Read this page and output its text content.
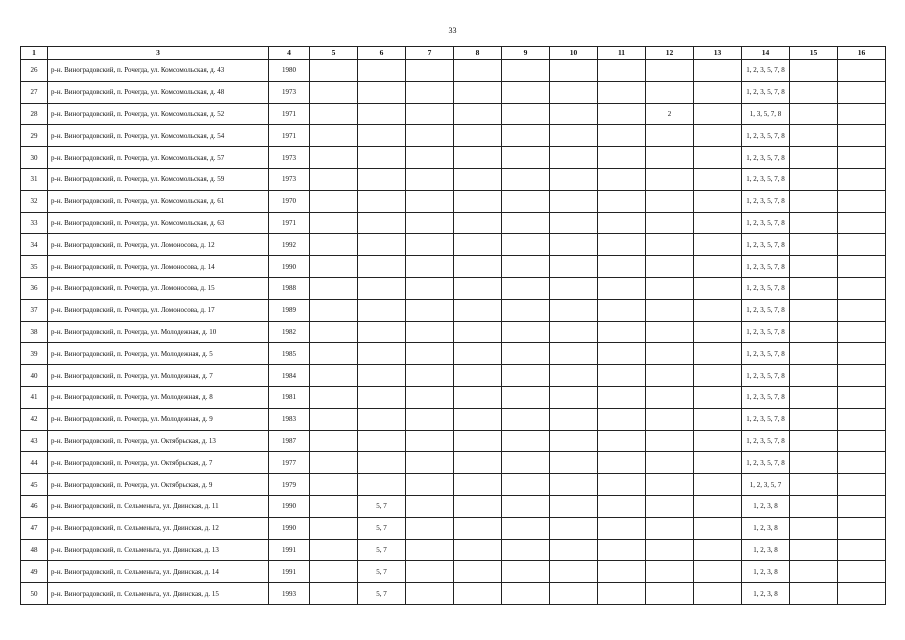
33
1	3	4	5	6	7	8	9	10	11	12	13	14	15	16
26	р-н. Виноградовский, п. Рочегда, ул. Комсомольская, д. 43	1980										1, 2, 3, 5, 7, 8		
27	р-н. Виноградовский, п. Рочегда, ул. Комсомольская, д. 48	1973										1, 2, 3, 5, 7, 8		
28	р-н. Виноградовский, п. Рочегда, ул. Комсомольская, д. 52	1971								2		1, 3, 5, 7, 8		
29	р-н. Виноградовский, п. Рочегда, ул. Комсомольская, д. 54	1971										1, 2, 3, 5, 7, 8		
30	р-н. Виноградовский, п. Рочегда, ул. Комсомольская, д. 57	1973										1, 2, 3, 5, 7, 8		
31	р-н. Виноградовский, п. Рочегда, ул. Комсомольская, д. 59	1973										1, 2, 3, 5, 7, 8		
32	р-н. Виноградовский, п. Рочегда, ул. Комсомольская, д. 61	1970										1, 2, 3, 5, 7, 8		
33	р-н. Виноградовский, п. Рочегда, ул. Комсомольская, д. 63	1971										1, 2, 3, 5, 7, 8		
34	р-н. Виноградовский, п. Рочегда, ул. Ломоносова, д. 12	1992										1, 2, 3, 5, 7, 8		
35	р-н. Виноградовский, п. Рочегда, ул. Ломоносова, д. 14	1990										1, 2, 3, 5, 7, 8		
36	р-н. Виноградовский, п. Рочегда, ул. Ломоносова, д. 15	1988										1, 2, 3, 5, 7, 8		
37	р-н. Виноградовский, п. Рочегда, ул. Ломоносова, д. 17	1989										1, 2, 3, 5, 7, 8		
38	р-н. Виноградовский, п. Рочегда, ул. Молодежная, д. 10	1982										1, 2, 3, 5, 7, 8		
39	р-н. Виноградовский, п. Рочегда, ул. Молодежная, д. 5	1985										1, 2, 3, 5, 7, 8		
40	р-н. Виноградовский, п. Рочегда, ул. Молодежная, д. 7	1984										1, 2, 3, 5, 7, 8		
41	р-н. Виноградовский, п. Рочегда, ул. Молодежная, д. 8	1981										1, 2, 3, 5, 7, 8		
42	р-н. Виноградовский, п. Рочегда, ул. Молодежная, д. 9	1983										1, 2, 3, 5, 7, 8		
43	р-н. Виноградовский, п. Рочегда, ул. Октябрьская, д. 13	1987										1, 2, 3, 5, 7, 8		
44	р-н. Виноградовский, п. Рочегда, ул. Октябрьская, д. 7	1977										1, 2, 3, 5, 7, 8		
45	р-н. Виноградовский, п. Рочегда, ул. Октябрьская, д. 9	1979										1, 2, 3, 5, 7		
46	р-н. Виноградовский, п. Сельменьга, ул. Двинская, д. 11	1990		5, 7								1, 2, 3, 8		
47	р-н. Виноградовский, п. Сельменьга, ул. Двинская, д. 12	1990		5, 7								1, 2, 3, 8		
48	р-н. Виноградовский, п. Сельменьга, ул. Двинская, д. 13	1991		5, 7								1, 2, 3, 8		
49	р-н. Виноградовский, п. Сельменьга, ул. Двинская, д. 14	1991		5, 7								1, 2, 3, 8		
50	р-н. Виноградовский, п. Сельменьга, ул. Двинская, д. 15	1993		5, 7								1, 2, 3, 8		
